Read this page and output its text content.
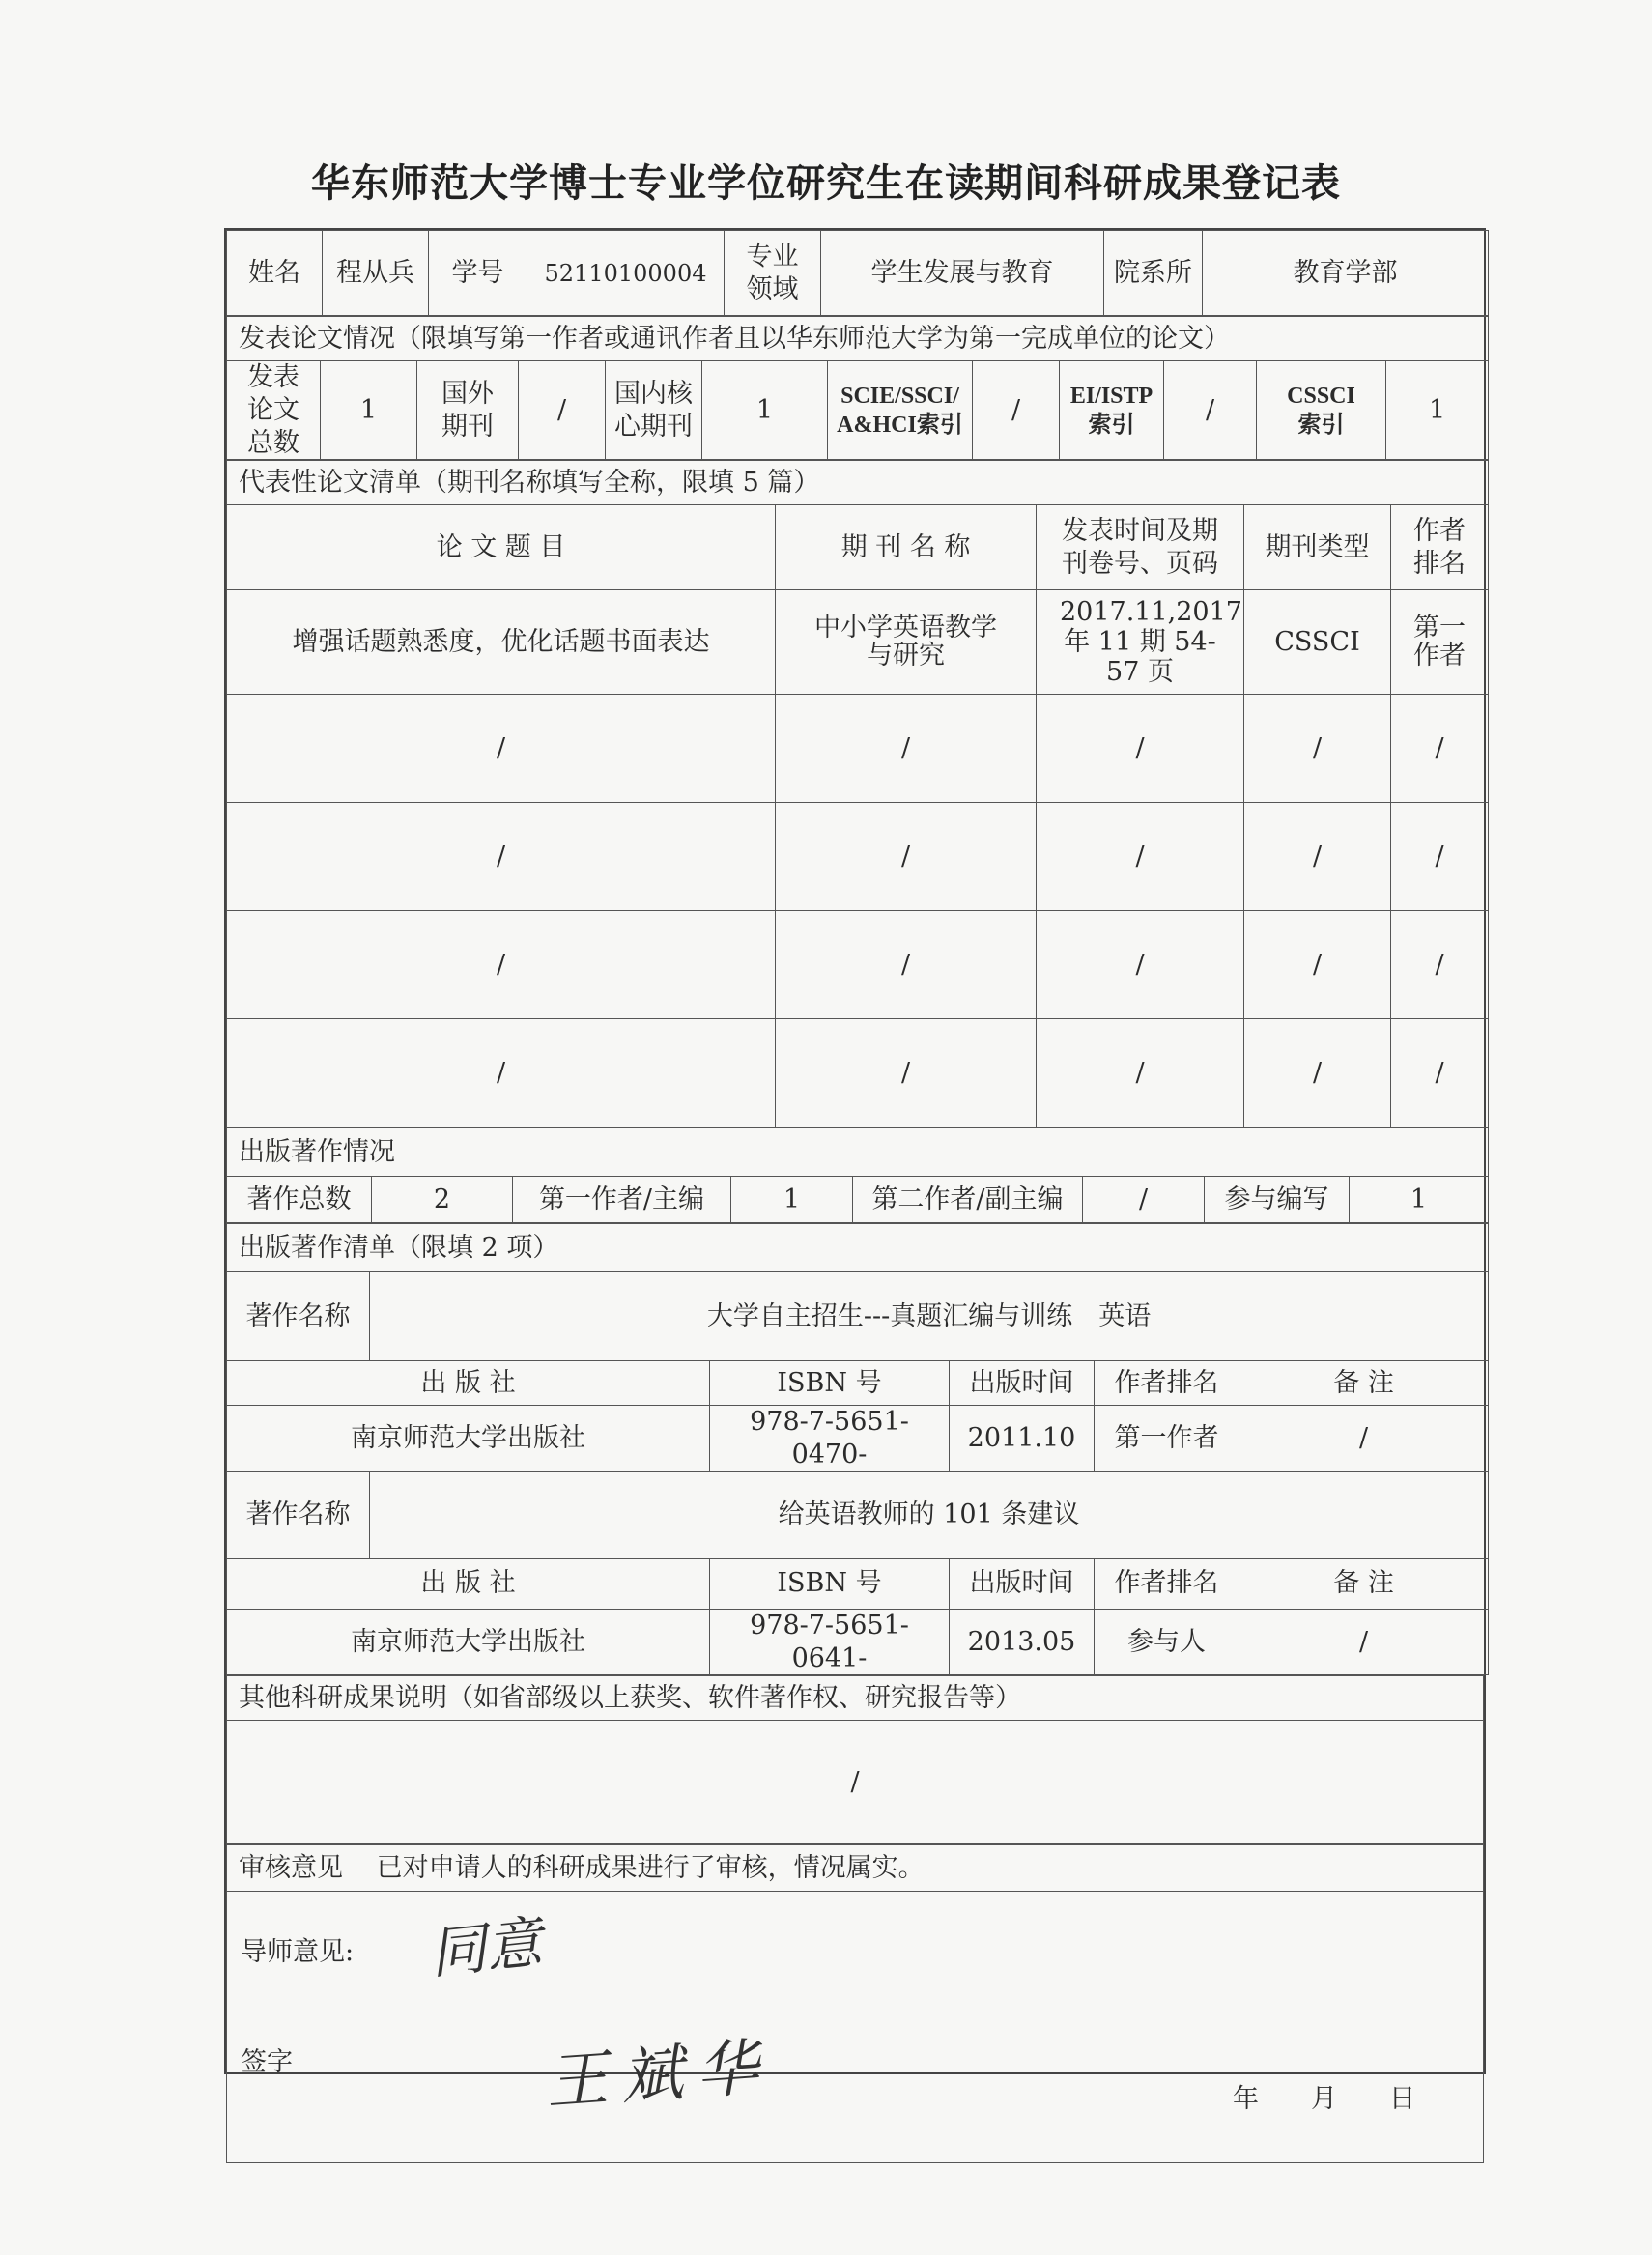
华东师范大学博士专业学位研究生在读期间科研成果登记表
姓名	程从兵	学号	52110100004	专业领域	学生发展与教育	院系所	教育学部
发表论文情况（限填写第一作者或通讯作者且以华东师范大学为第一完成单位的论文）
发表论文总数	1	国外期刊	/	国内核心期刊	1	SCIE/SSCI/ A&HCI索引	/	EI/ISTP 索引	/	CSSCI 索引	1
代表性论文清单（期刊名称填写全称，限填 5 篇）				
论 文 题 目	期 刊 名 称	发表时间及期刊卷号、页码	期刊类型	作者排名
增强话题熟悉度，优化话题书面表达	中小学英语教学与研究	2017.11,2017年 11 期 54-57 页	CSSCI	第一作者
/	/	/	/	/
/	/	/	/	/
/	/	/	/	/
/	/	/	/	/
出版著作情况
著作总数	2	第一作者/主编	1	第二作者/副主编	/	参与编写	1
出版著作清单（限填 2 项）					
著作名称	大学自主招生---真题汇编与训练　英语				
出 版 社		ISBN 号	出版时间	作者排名	备 注
南京师范大学出版社		978-7-5651-0470-	2011.10	第一作者	/
著作名称	给英语教师的 101 条建议				
出 版 社		ISBN 号	出版时间	作者排名	备 注
南京师范大学出版社		978-7-5651-0641-	2013.05	参与人	/
其他科研成果说明（如省部级以上获奖、软件著作权、研究报告等）
/
审核意见 已对申请人的科研成果进行了审核，情况属实。

导师意见: 同意
签字	王斌华	年　　月　　日
